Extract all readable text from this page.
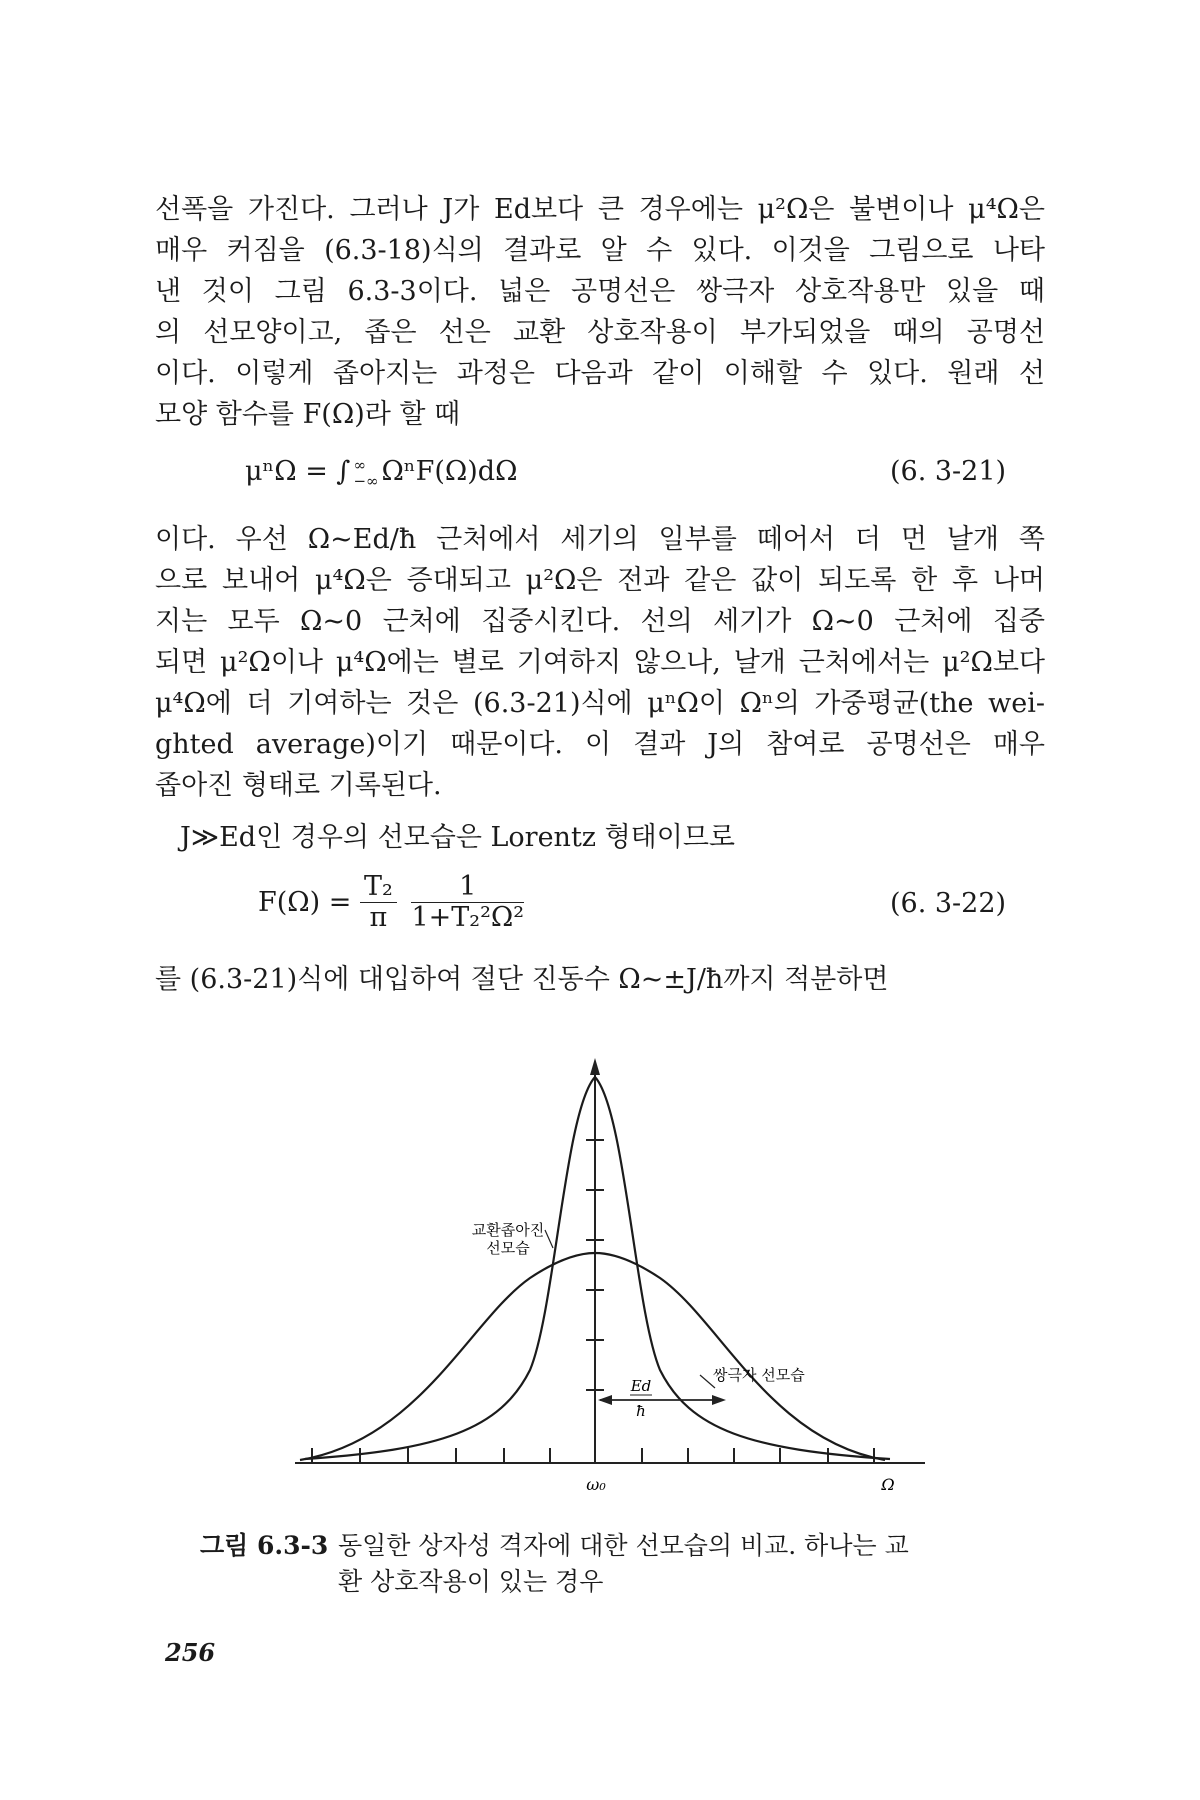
선폭을 가진다. 그러나 J가 Ed보다 큰 경우에는 μ²Ω은 불변이나 μ⁴Ω은
매우 커짐을 (6.3-18)식의 결과로 알 수 있다. 이것을 그림으로 나타
낸 것이 그림 6.3-3이다. 넓은 공명선은 쌍극자 상호작용만 있을 때
의 선모양이고, 좁은 선은 교환 상호작용이 부가되었을 때의 공명선
이다. 이렇게 좁아지는 과정은 다음과 같이 이해할 수 있다. 원래 선
모양 함수를 F(Ω)라 할 때
μⁿΩ = ∫ ∞
−∞ ΩⁿF(Ω)dΩ	(6. 3-21)
이다. 우선 Ω~Ed/ħ 근처에서 세기의 일부를 떼어서 더 먼 날개 쪽
으로 보내어 μ⁴Ω은 증대되고 μ²Ω은 전과 같은 값이 되도록 한 후 나머
지는 모두 Ω~0 근처에 집중시킨다. 선의 세기가 Ω~0 근처에 집중
되면 μ²Ω이나 μ⁴Ω에는 별로 기여하지 않으나, 날개 근처에서는 μ²Ω보다
μ⁴Ω에 더 기여하는 것은 (6.3-21)식에 μⁿΩ이 Ωⁿ의 가중평균(the wei-
ghted average)이기 때문이다. 이 결과 J의 참여로 공명선은 매우
좁아진 형태로 기록된다.
J≫Ed인 경우의 선모습은 Lorentz 형태이므로
$F(\Omega) = \frac{\text{T₂}}{\pi}$
$\frac{1}{\text{1+T₂²Ω²}}$	(6. 3-22)
를 (6.3-21)식에 대입하여 절단 진동수 Ω~±J/ħ까지 적분하면
교환좁아진
선모습
쌍극자 선모습
Ed
ħ
ω₀	Ω
그림 6.3-3 동일한 상자성 격자에 대한 선모습의 비교. 하나는 교
환 상호작용이 있는 경우
256
